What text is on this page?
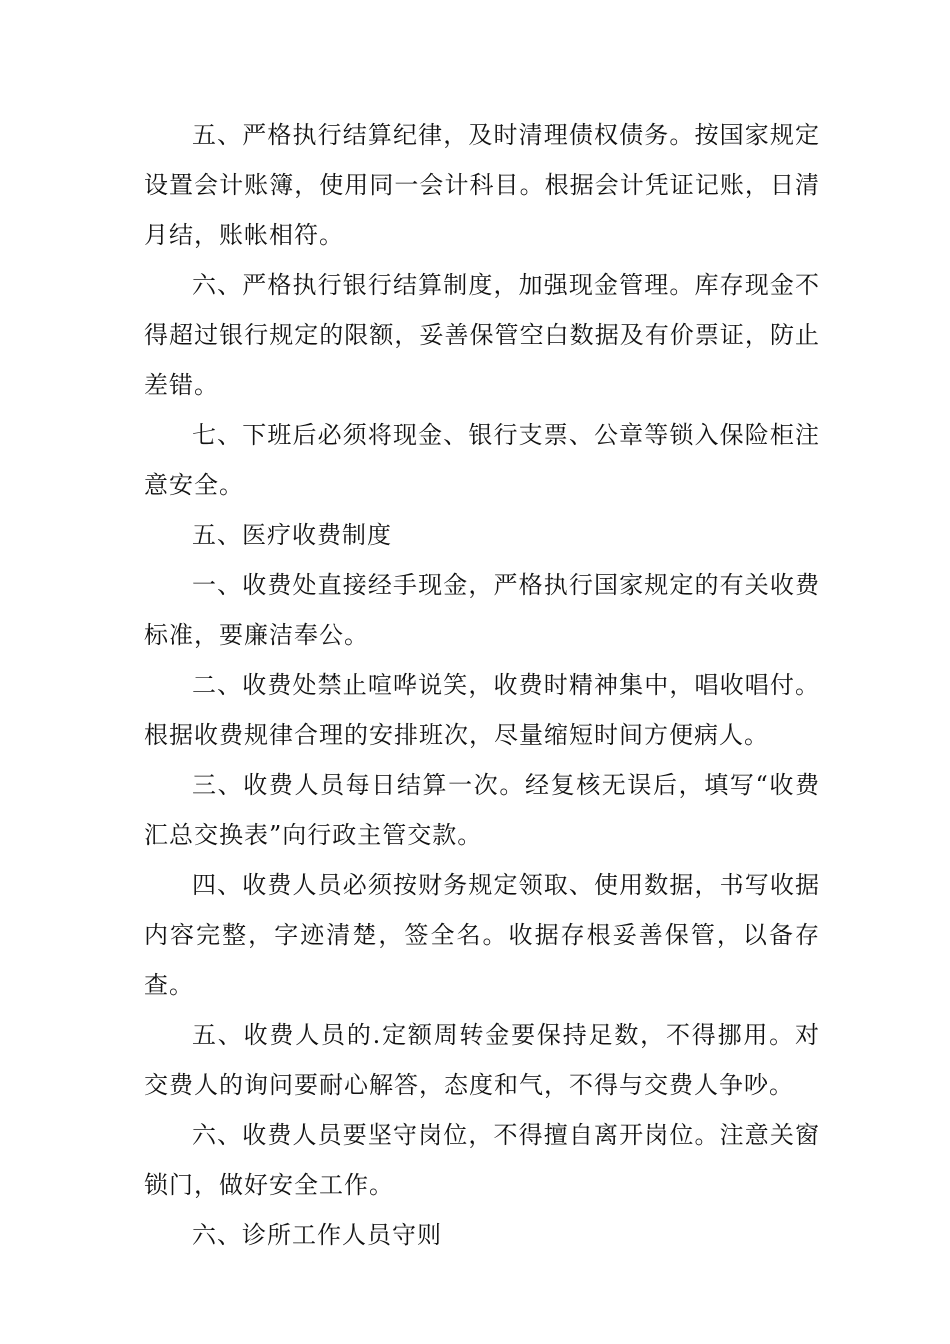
五、严格执行结算纪律，及时清理债权债务。按国家规定设置会计账簿，使用同一会计科目。根据会计凭证记账，日清月结，账帐相符。

六、严格执行银行结算制度，加强现金管理。库存现金不得超过银行规定的限额，妥善保管空白数据及有价票证，防止差错。

七、下班后必须将现金、银行支票、公章等锁入保险柜注意安全。

五、医疗收费制度

一、收费处直接经手现金，严格执行国家规定的有关收费标准，要廉洁奉公。

二、收费处禁止喧哗说笑，收费时精神集中，唱收唱付。根据收费规律合理的安排班次，尽量缩短时间方便病人。

三、收费人员每日结算一次。经复核无误后，填写“收费汇总交换表”向行政主管交款。

四、收费人员必须按财务规定领取、使用数据，书写收据内容完整，字迹清楚，签全名。收据存根妥善保管，以备存查。

五、收费人员的.定额周转金要保持足数，不得挪用。对交费人的询问要耐心解答，态度和气，不得与交费人争吵。

六、收费人员要坚守岗位，不得擅自离开岗位。注意关窗锁门，做好安全工作。

六、诊所工作人员守则
